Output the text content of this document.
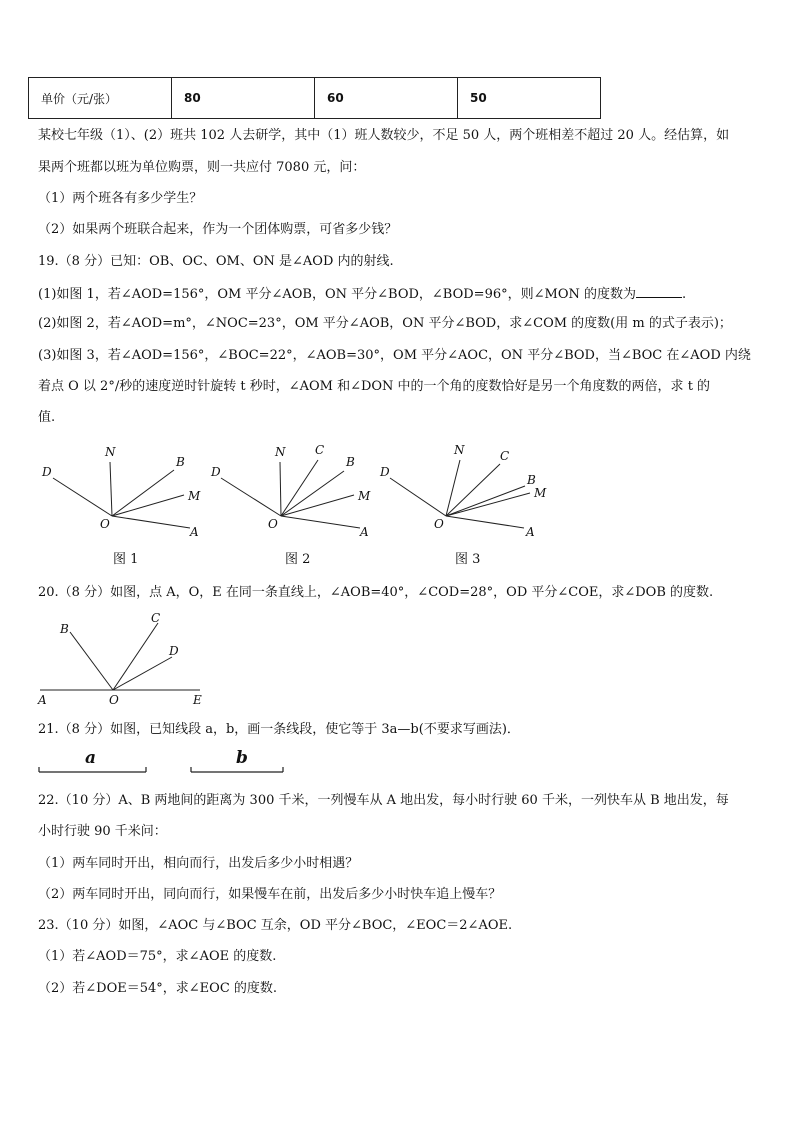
单价（元/张）	80	60	50
某校七年级（1）、(2）班共 102 人去研学，其中（1）班人数较少，不足 50 人，两个班相差不超过 20 人。经估算，如
果两个班都以班为单位购票，则一共应付 7080 元，问：
（1）两个班各有多少学生？
（2）如果两个班联合起来，作为一个团体购票，可省多少钱？
19.（8 分）已知：OB、OC、OM、ON 是∠AOD 内的射线.
(1)如图 1，若∠AOD=156°，OM 平分∠AOB，ON 平分∠BOD，∠BOD=96°，则∠MON 的度数为	.
(2)如图 2，若∠AOD=m°，∠NOC=23°，OM 平分∠AOB，ON 平分∠BOD，求∠COM 的度数(用 m 的式子表示)；
(3)如图 3，若∠AOD=156°，∠BOC=22°，∠AOB=30°，OM 平分∠AOC，ON 平分∠BOD，当∠BOC 在∠AOD 内绕
着点 O 以 2°/秒的速度逆时针旋转 t 秒时，∠AOM 和∠DON 中的一个角的度数恰好是另一个角度数的两倍，求 t 的
值.
D
N
B
M
O
A
D
N C
B
M
O
A
D
N	C
B
M
O
A
图 1	图 2	图 3
20.（8 分）如图，点 A，O，E 在同一条直线上，∠AOB=40°，∠COD=28°，OD 平分∠COE，求∠DOB 的度数.
B
C
D
A	O	E
21.（8 分）如图，已知线段 a，b，画一条线段，使它等于 3a—b(不要求写画法)．
a	b
22.（10 分）A、B 两地间的距离为 300 千米，一列慢车从 A 地出发，每小时行驶 60 千米，一列快车从 B 地出发，每
小时行驶 90 千米问：
（1）两车同时开出，相向而行，出发后多少小时相遇？
（2）两车同时开出，同向而行，如果慢车在前，出发后多少小时快车追上慢车？
23.（10 分）如图，∠AOC 与∠BOC 互余，OD 平分∠BOC，∠EOC＝2∠AOE.
（1）若∠AOD＝75°，求∠AOE 的度数.
（2）若∠DOE＝54°，求∠EOC 的度数.
